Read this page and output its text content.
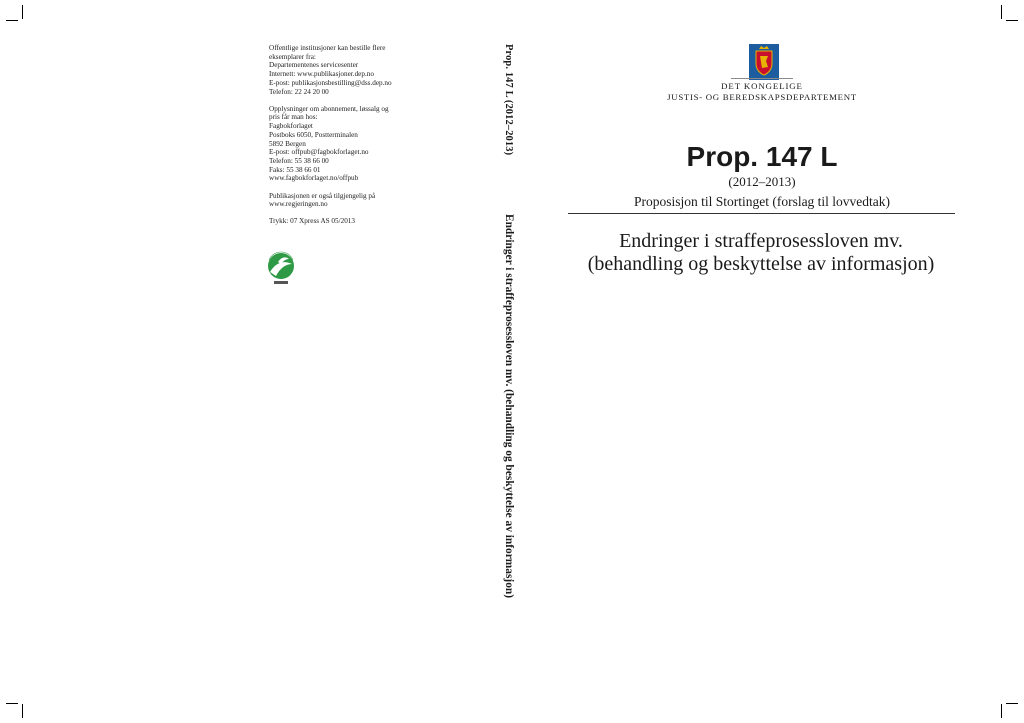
Offentlige institusjoner kan bestille flere
eksemplarer fra:
Departementenes servicesenter
Internett: www.publikasjoner.dep.no
E-post: publikasjonsbestilling@dss.dep.no
Telefon: 22 24 20 00
Opplysninger om abonnement, løssalg og
pris får man hos:
Fagbokforlaget
Postboks 6050, Postterminalen
5892 Bergen
E-post: offpub@fagbokforlaget.no
Telefon: 55 38 66 00
Faks: 55 38 66 01
www.fagbokforlaget.no/offpub
Publikasjonen er også tilgjengelig på
www.regjeringen.no
Trykk: 07 Xpress AS 05/2013
Prop. 147 L (2012–2013)
Endringer i straffeprosessloven mv. (behandling og beskyttelse av informasjon)
DET KONGELIGE
JUSTIS- OG BEREDSKAPSDEPARTEMENT
Prop. 147 L
(2012–2013)
Proposisjon til Stortinget (forslag til lovvedtak)
Endringer i straffeprosessloven mv.
(behandling og beskyttelse av informasjon)
